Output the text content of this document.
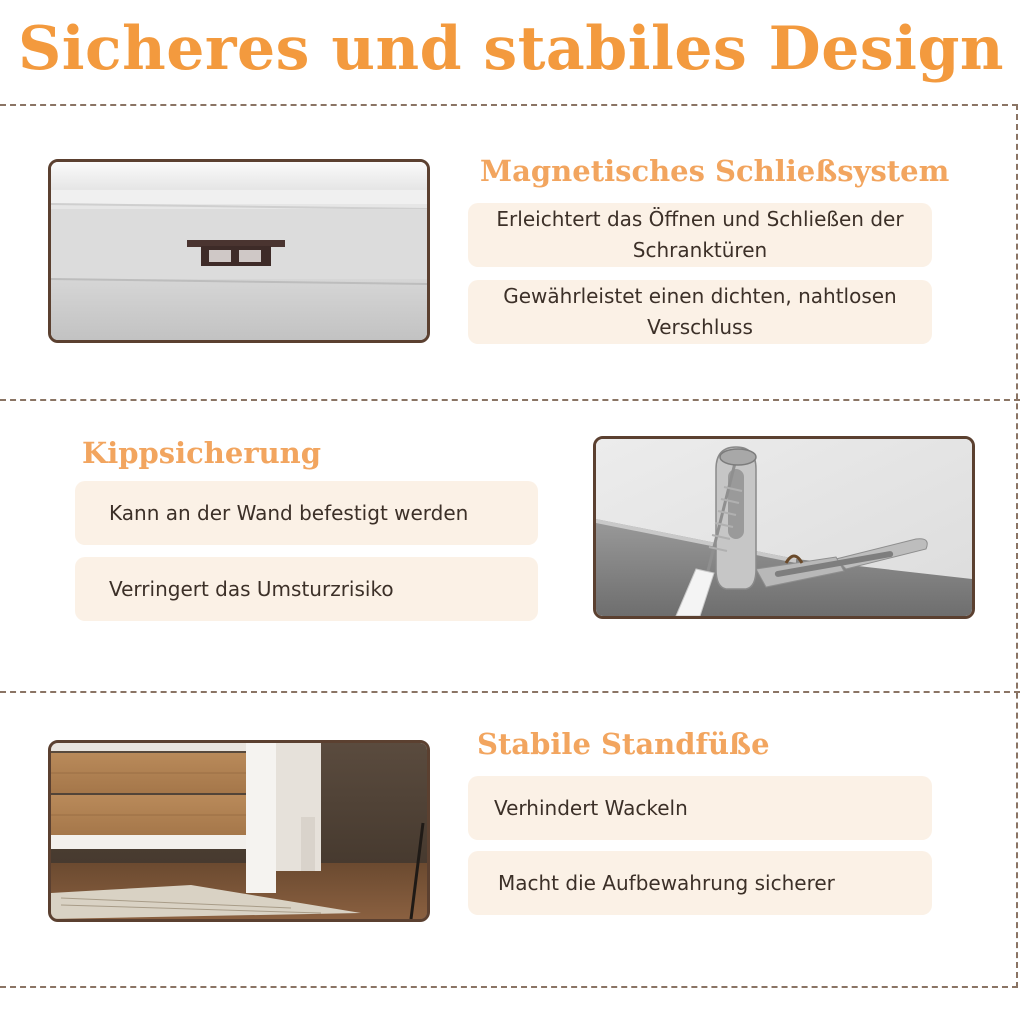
Sicheres und stabiles Design
Magnetisches Schließsystem
Erleichtert das Öffnen und Schließen der Schranktüren
Gewährleistet einen dichten, nahtlosen Verschluss
Kippsicherung
Kann an der Wand befestigt werden
Verringert das Umsturzrisiko
Stabile Standfüße
Verhindert Wackeln
Macht die Aufbewahrung sicherer
